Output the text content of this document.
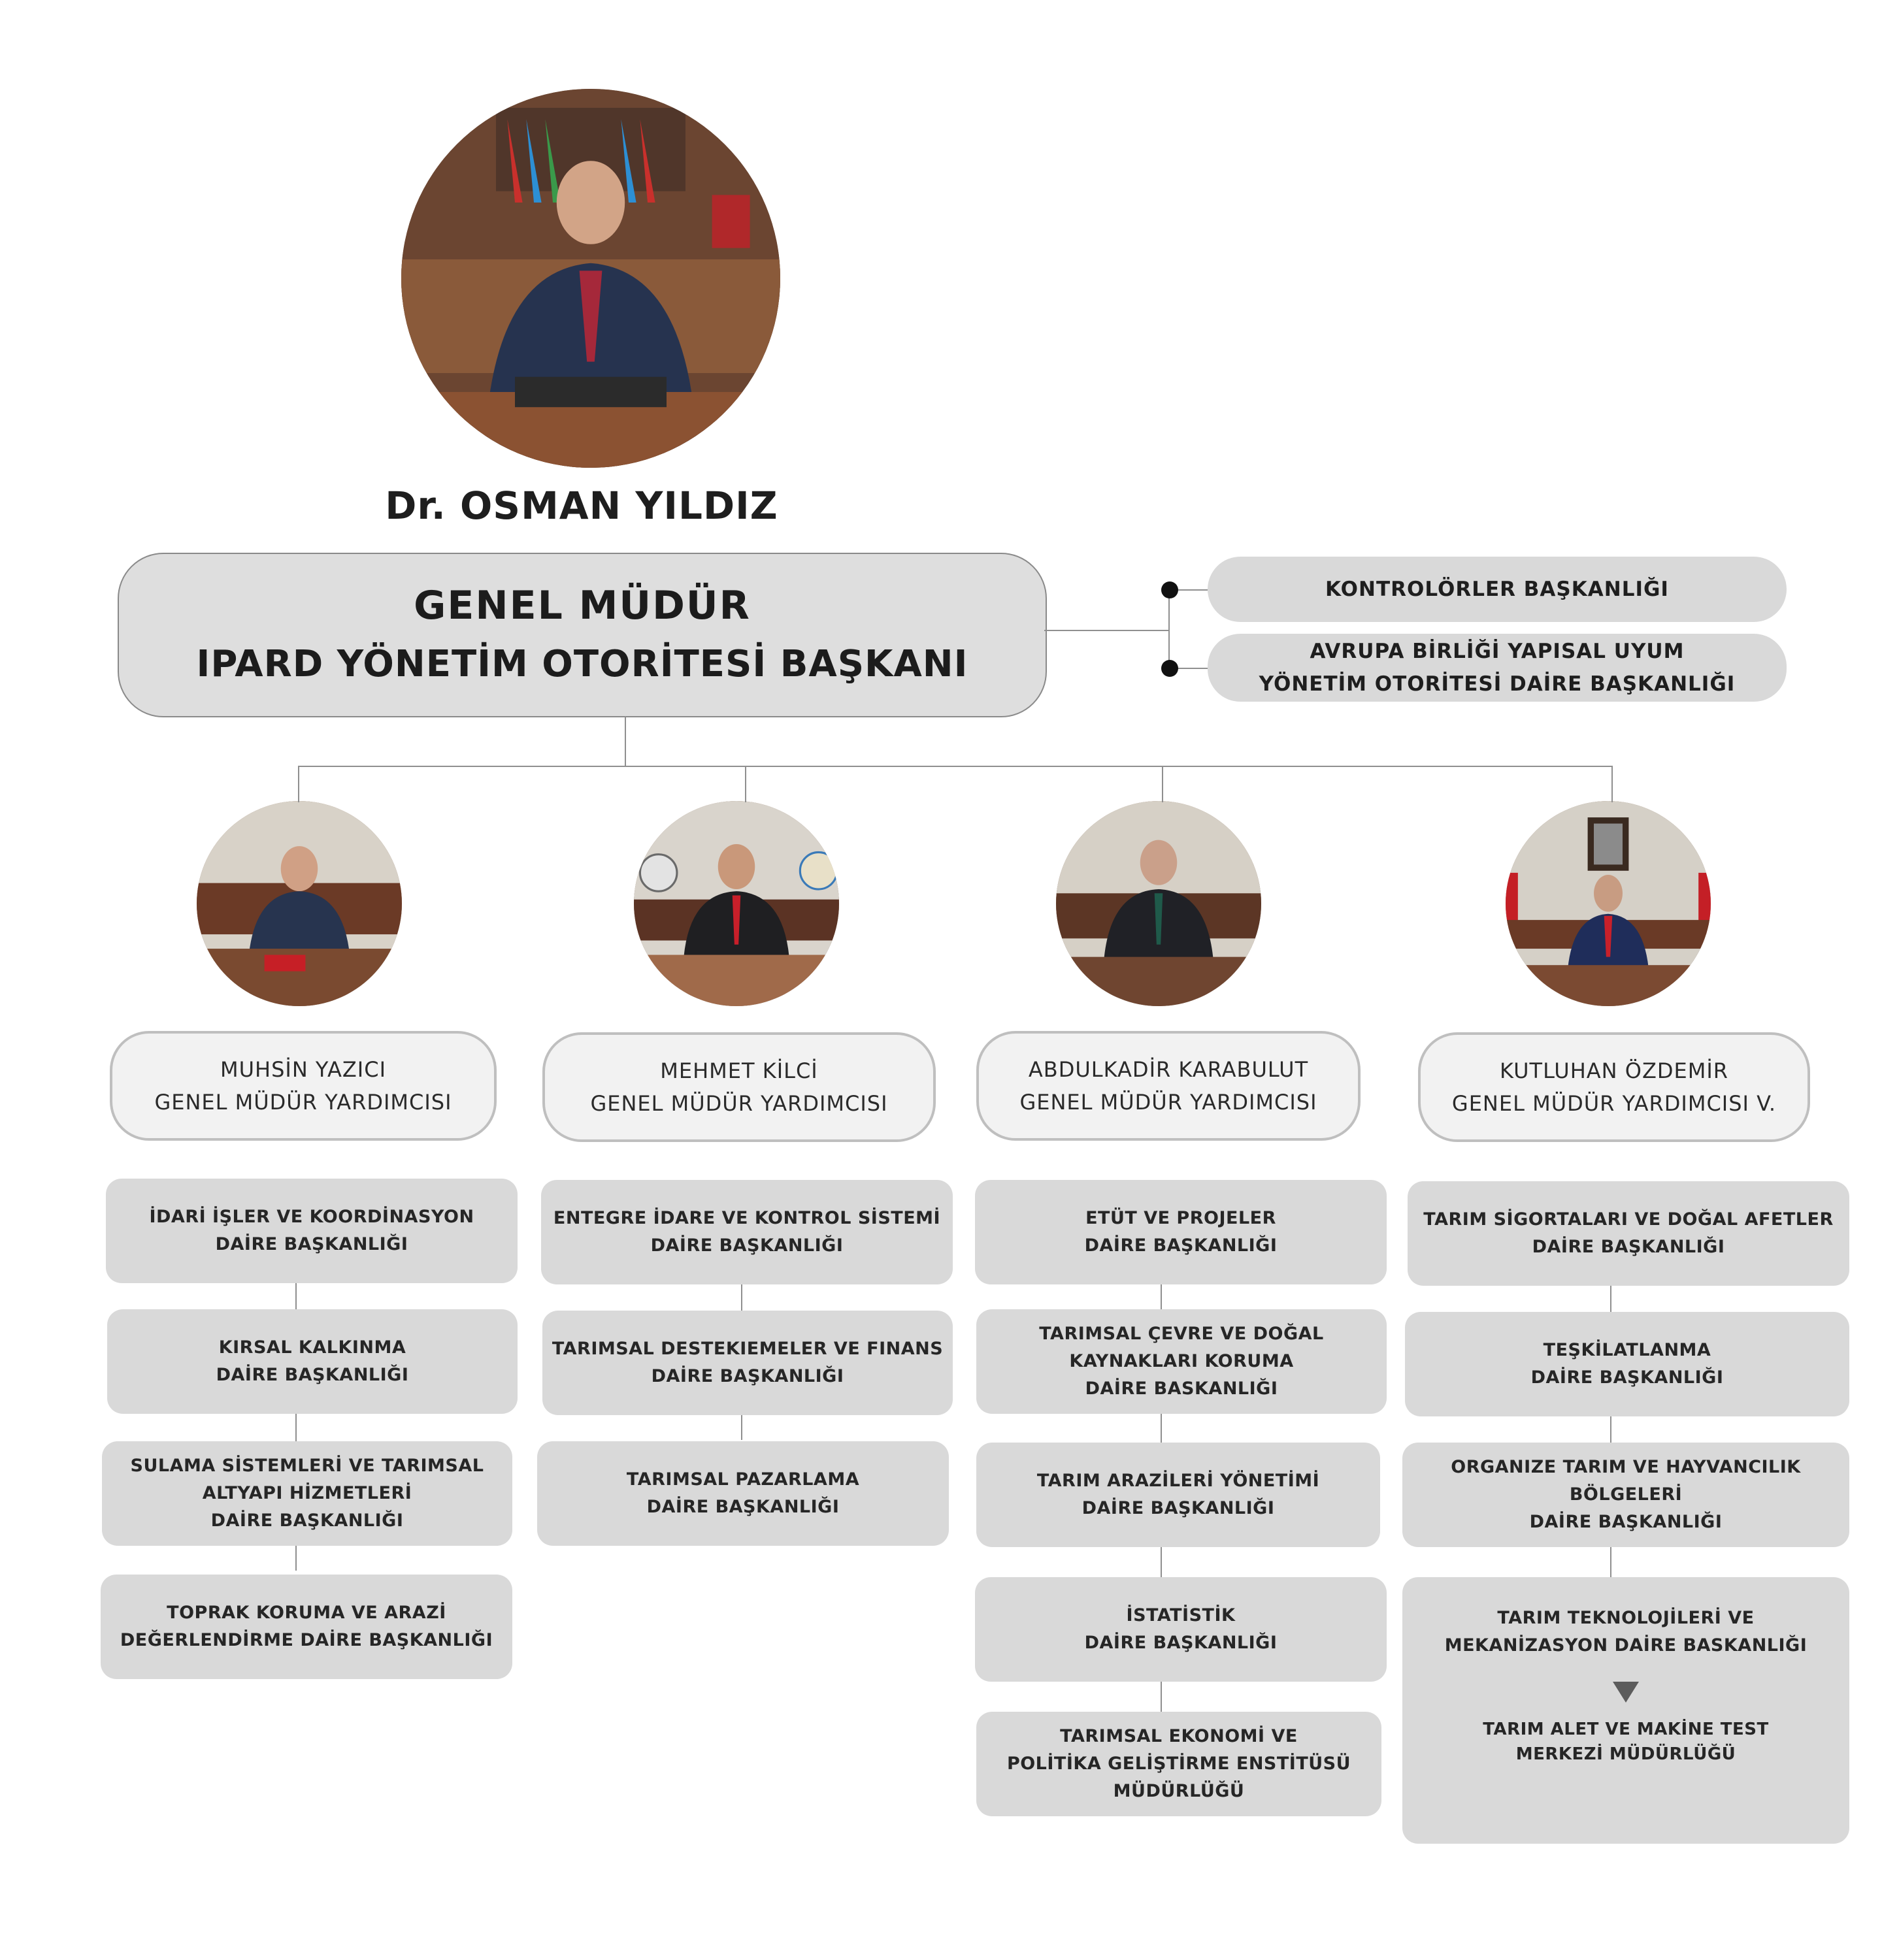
Dr. OSMAN YILDIZ
GENEL MÜDÜR
IPARD YÖNETİM OTORİTESİ BAŞKANI
KONTROLÖRLER BAŞKANLIĞI
AVRUPA BİRLİĞİ YAPISAL UYUM
YÖNETİM OTORİTESİ DAİRE BAŞKANLIĞI
MUHSİN YAZICI
GENEL MÜDÜR YARDIMCISI
MEHMET KİLCİ
GENEL MÜDÜR YARDIMCISI
ABDULKADİR KARABULUT
GENEL MÜDÜR YARDIMCISI
KUTLUHAN ÖZDEMİR
GENEL MÜDÜR YARDIMCISI V.
İDARİ İŞLER VE KOORDİNASYON
DAİRE BAŞKANLIĞI
KIRSAL KALKINMA
DAİRE BAŞKANLIĞI
SULAMA SİSTEMLERİ VE TARIMSAL
ALTYAPI HİZMETLERİ
DAİRE BAŞKANLIĞI
TOPRAK KORUMA VE ARAZİ
DEĞERLENDİRME DAİRE BAŞKANLIĞI
ENTEGRE İDARE VE KONTROL SİSTEMİ
DAİRE BAŞKANLIĞI
TARIMSAL DESTEKIEMELER VE FINANS
DAİRE BAŞKANLIĞI
TARIMSAL PAZARLAMA
DAİRE BAŞKANLIĞI
ETÜT VE PROJELER
DAİRE BAŞKANLIĞI
TARIMSAL ÇEVRE VE DOĞAL
KAYNAKLARI KORUMA
DAİRE BASKANLIĞI
TARIM ARAZİLERİ YÖNETİMİ
DAİRE BAŞKANLIĞI
İSTATİSTİK
DAİRE BAŞKANLIĞI
TARIMSAL EKONOMİ VE
POLİTİKA GELİŞTİRME ENSTİTÜSÜ
MÜDÜRLÜĞÜ
TARIM SİGORTALARI VE DOĞAL AFETLER
DAİRE BAŞKANLIĞI
TEŞKİLATLANMA
DAİRE BAŞKANLIĞI
ORGANIZE TARIM VE HAYVANCILIK
BÖLGELERİ
DAİRE BAŞKANLIĞI
TARIM TEKNOLOJİLERİ VE
MEKANİZASYON DAİRE BASKANLIĞI
TARIM ALET VE MAKİNE TEST
MERKEZİ MÜDÜRLÜĞÜ
